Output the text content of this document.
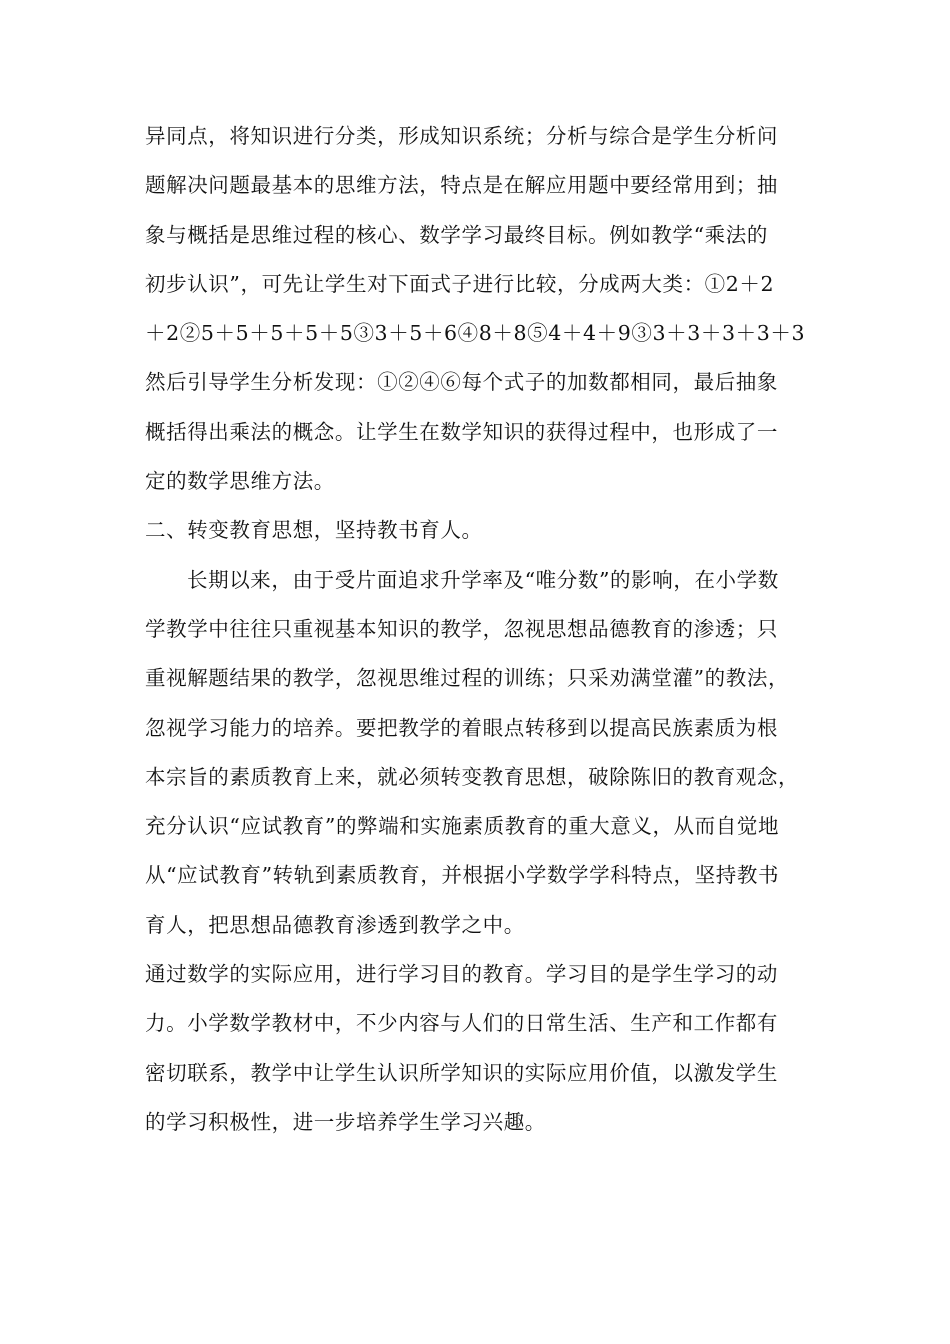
异同点，将知识进行分类，形成知识系统；分析与综合是学生分析问
题解决问题最基本的思维方法，特点是在解应用题中要经常用到；抽
象与概括是思维过程的核心、数学学习最终目标。例如教学“乘法的
初步认识”，可先让学生对下面式子进行比较，分成两大类：①2＋2
＋2②5＋5＋5＋5＋5③3＋5＋6④8＋8⑤4＋4＋9③3＋3＋3＋3＋3
然后引导学生分析发现：①②④⑥每个式子的加数都相同，最后抽象
概括得出乘法的概念。让学生在数学知识的获得过程中，也形成了一
定的数学思维方法。

二、转变教育思想，坚持教书育人。

长期以来，由于受片面追求升学率及“唯分数”的影响，在小学数
学教学中往往只重视基本知识的教学，忽视思想品德教育的渗透；只
重视解题结果的教学，忽视思维过程的训练；只采劝满堂灌”的教法，
忽视学习能力的培养。要把教学的着眼点转移到以提高民族素质为根
本宗旨的素质教育上来，就必须转变教育思想，破除陈旧的教育观念，
充分认识“应试教育”的弊端和实施素质教育的重大意义，从而自觉地
从“应试教育”转轨到素质教育，并根据小学数学学科特点，坚持教书
育人，把思想品德教育渗透到教学之中。

通过数学的实际应用，进行学习目的教育。学习目的是学生学习的动
力。小学数学教材中，不少内容与人们的日常生活、生产和工作都有
密切联系，教学中让学生认识所学知识的实际应用价值，以激发学生
的学习积极性，进一步培养学生学习兴趣。
